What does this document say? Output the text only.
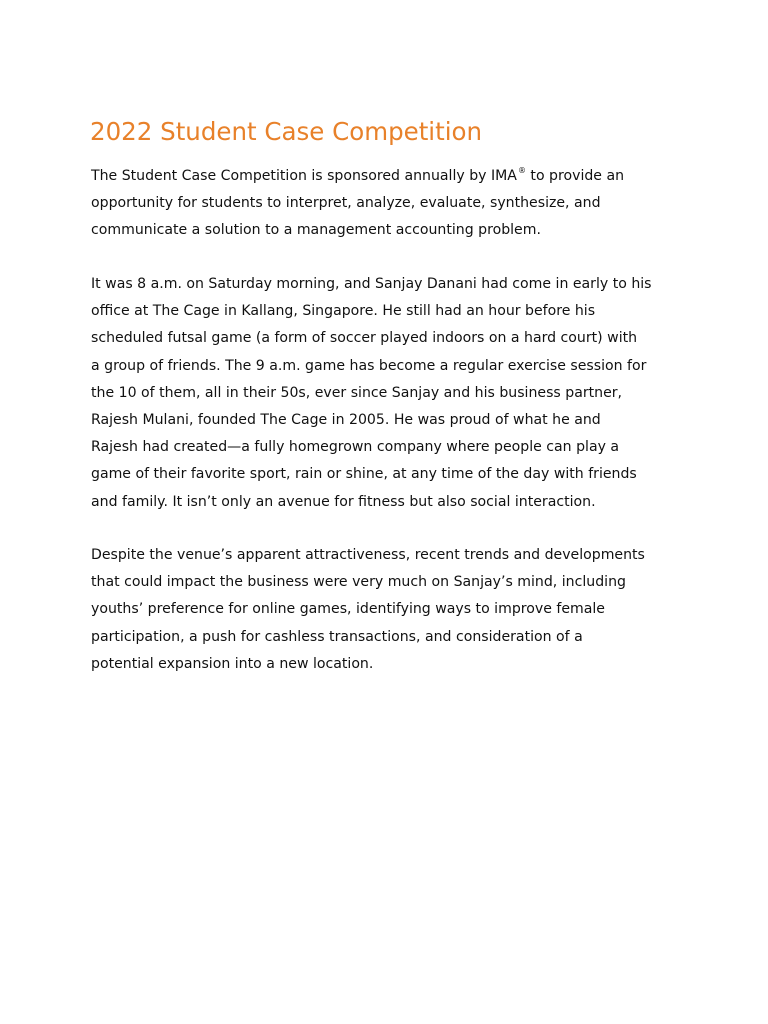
2022 Student Case Competition
The Student Case Competition is sponsored annually by IMA® to provide an
opportunity for students to interpret, analyze, evaluate, synthesize, and
communicate a solution to a management accounting problem.
It was 8 a.m. on Saturday morning, and Sanjay Danani had come in early to his
office at The Cage in Kallang, Singapore. He still had an hour before his
scheduled futsal game (a form of soccer played indoors on a hard court) with
a group of friends. The 9 a.m. game has become a regular exercise session for
the 10 of them, all in their 50s, ever since Sanjay and his business partner,
Rajesh Mulani, founded The Cage in 2005. He was proud of what he and
Rajesh had created—a fully homegrown company where people can play a
game of their favorite sport, rain or shine, at any time of the day with friends
and family. It isn’t only an avenue for fitness but also social interaction.
Despite the venue’s apparent attractiveness, recent trends and developments
that could impact the business were very much on Sanjay’s mind, including
youths’ preference for online games, identifying ways to improve female
participation, a push for cashless transactions, and consideration of a
potential expansion into a new location.
